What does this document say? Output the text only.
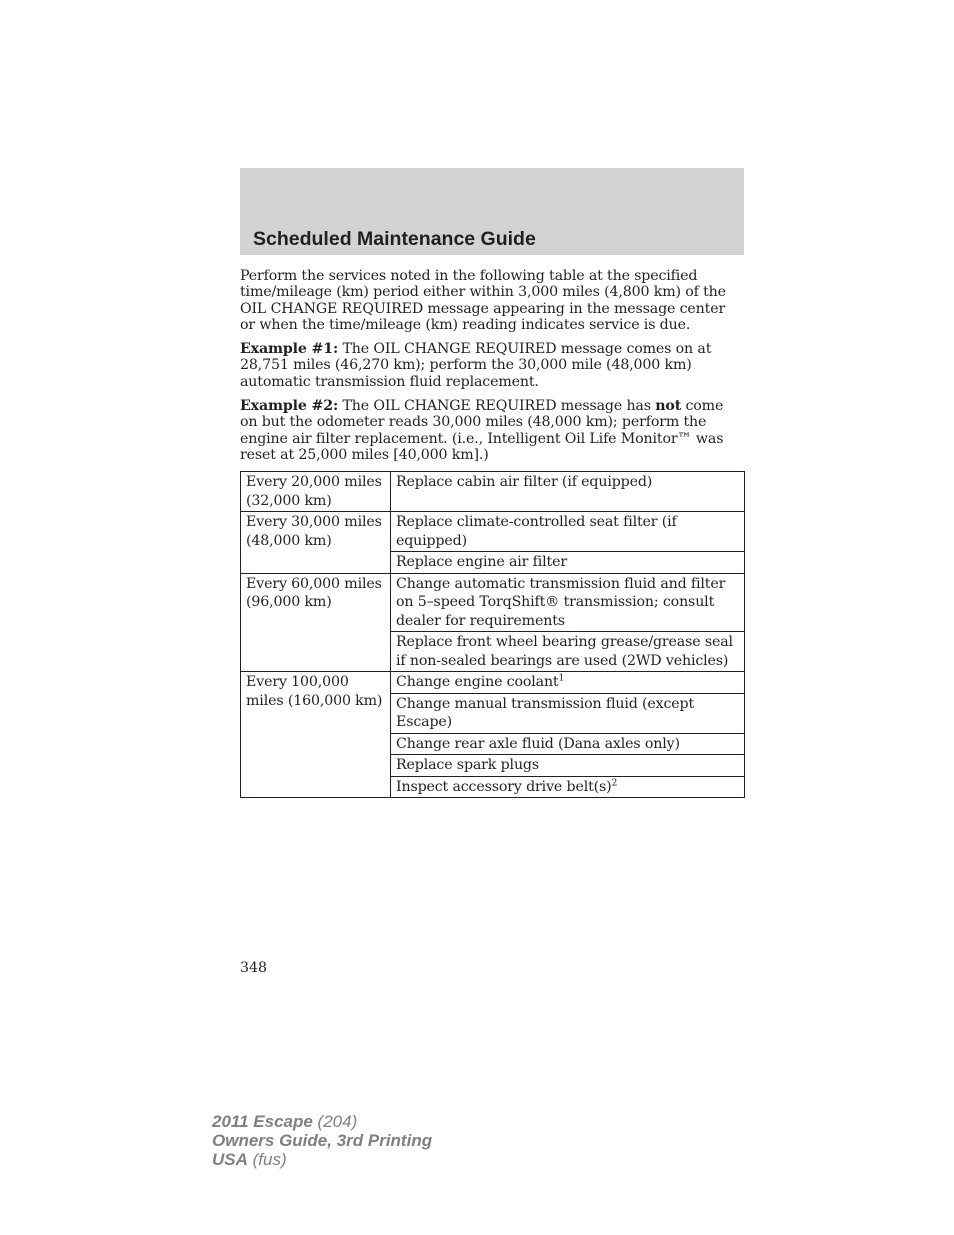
Scheduled Maintenance Guide

Perform the services noted in the following table at the specified time/mileage (km) period either within 3,000 miles (4,800 km) of the OIL CHANGE REQUIRED message appearing in the message center or when the time/mileage (km) reading indicates service is due.

Example #1: The OIL CHANGE REQUIRED message comes on at 28,751 miles (46,270 km); perform the 30,000 mile (48,000 km) automatic transmission fluid replacement.

Example #2: The OIL CHANGE REQUIRED message has not come on but the odometer reads 30,000 miles (48,000 km); perform the engine air filter replacement. (i.e., Intelligent Oil Life Monitor™ was reset at 25,000 miles [40,000 km].)

Every 20,000 miles (32,000 km)	Replace cabin air filter (if equipped)
Every 30,000 miles (48,000 km)	Replace climate-controlled seat filter (if equipped)
	Replace engine air filter
Every 60,000 miles (96,000 km)	Change automatic transmission fluid and filter on 5–speed TorqShift® transmission; consult dealer for requirements
	Replace front wheel bearing grease/grease seal if non-sealed bearings are used (2WD vehicles)
Every 100,000 miles (160,000 km)	Change engine coolant$^1$
	Change manual transmission fluid (except Escape)
	Change rear axle fluid (Dana axles only)
	Replace spark plugs
	Inspect accessory drive $belt(s)^2$
348
2011 Escape (204)
Owners Guide, 3rd Printing
USA (fus)
